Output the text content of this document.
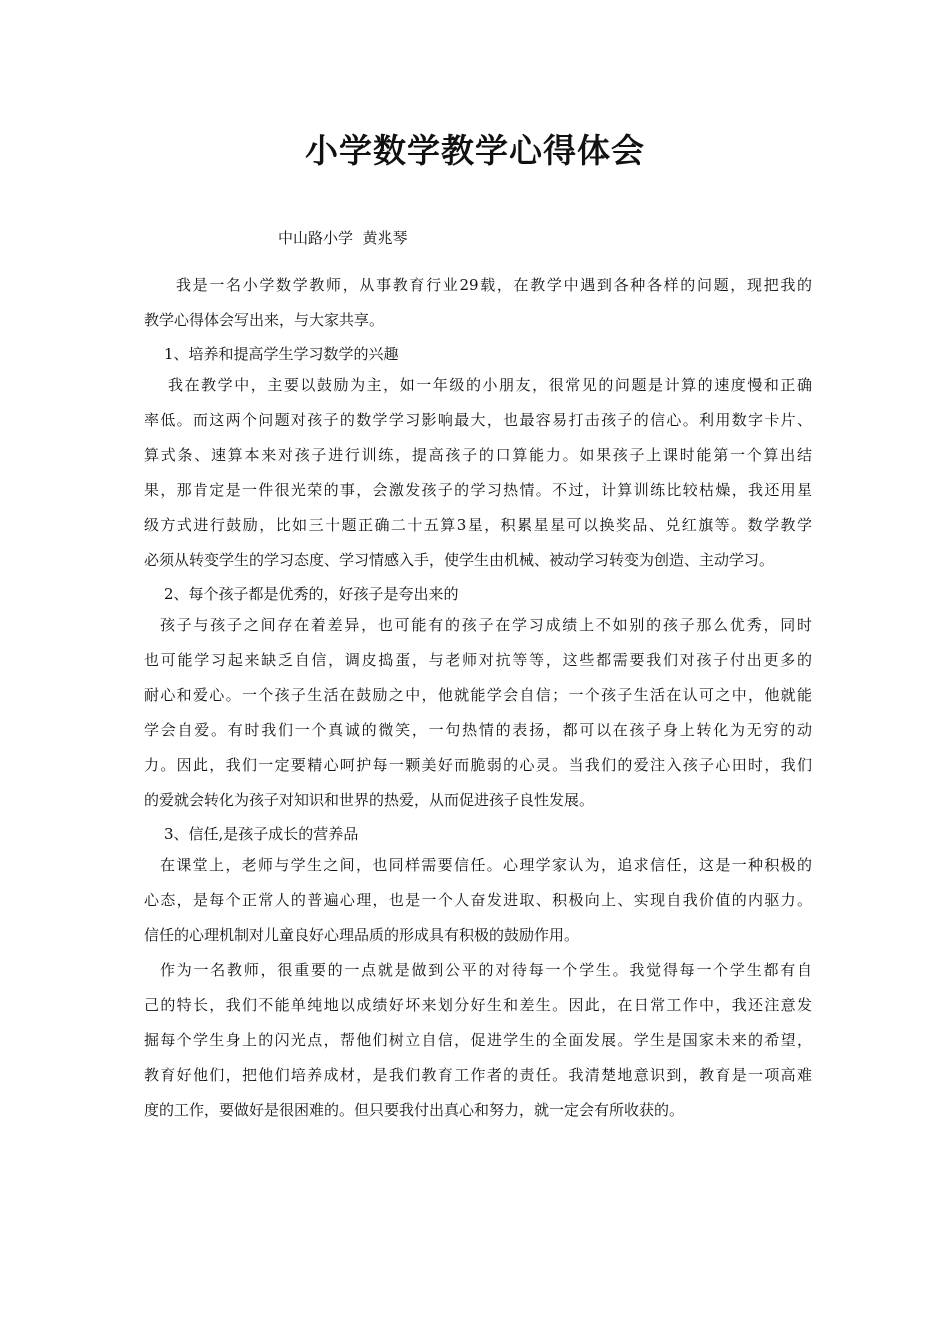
小学数学教学心得体会

中山路小学  黄兆琴

我是一名小学数学教师，从事教育行业29载，在教学中遇到各种各样的问题，现把我的
教学心得体会写出来，与大家共享。
1、培养和提高学生学习数学的兴趣
我在教学中，主要以鼓励为主，如一年级的小朋友，很常见的问题是计算的速度慢和正确
率低。而这两个问题对孩子的数学学习影响最大，也最容易打击孩子的信心。利用数字卡片、
算式条、速算本来对孩子进行训练，提高孩子的口算能力。如果孩子上课时能第一个算出结
果，那肯定是一件很光荣的事，会激发孩子的学习热情。不过，计算训练比较枯燥，我还用星
级方式进行鼓励，比如三十题正确二十五算3星，积累星星可以换奖品、兑红旗等。数学教学
必须从转变学生的学习态度、学习情感入手，使学生由机械、被动学习转变为创造、主动学习。
2、每个孩子都是优秀的，好孩子是夸出来的
孩子与孩子之间存在着差异，也可能有的孩子在学习成绩上不如别的孩子那么优秀，同时
也可能学习起来缺乏自信，调皮捣蛋，与老师对抗等等，这些都需要我们对孩子付出更多的
耐心和爱心。一个孩子生活在鼓励之中，他就能学会自信；一个孩子生活在认可之中，他就能
学会自爱。有时我们一个真诚的微笑，一句热情的表扬，都可以在孩子身上转化为无穷的动
力。因此，我们一定要精心呵护每一颗美好而脆弱的心灵。当我们的爱注入孩子心田时，我们
的爱就会转化为孩子对知识和世界的热爱，从而促进孩子良性发展。
3、信任,是孩子成长的营养品
在课堂上，老师与学生之间，也同样需要信任。心理学家认为，追求信任，这是一种积极的
心态，是每个正常人的普遍心理，也是一个人奋发进取、积极向上、实现自我价值的内驱力。
信任的心理机制对儿童良好心理品质的形成具有积极的鼓励作用。
作为一名教师，很重要的一点就是做到公平的对待每一个学生。我觉得每一个学生都有自
己的特长，我们不能单纯地以成绩好坏来划分好生和差生。因此，在日常工作中，我还注意发
掘每个学生身上的闪光点，帮他们树立自信，促进学生的全面发展。学生是国家未来的希望，
教育好他们，把他们培养成材，是我们教育工作者的责任。我清楚地意识到，教育是一项高难
度的工作，要做好是很困难的。但只要我付出真心和努力，就一定会有所收获的。
